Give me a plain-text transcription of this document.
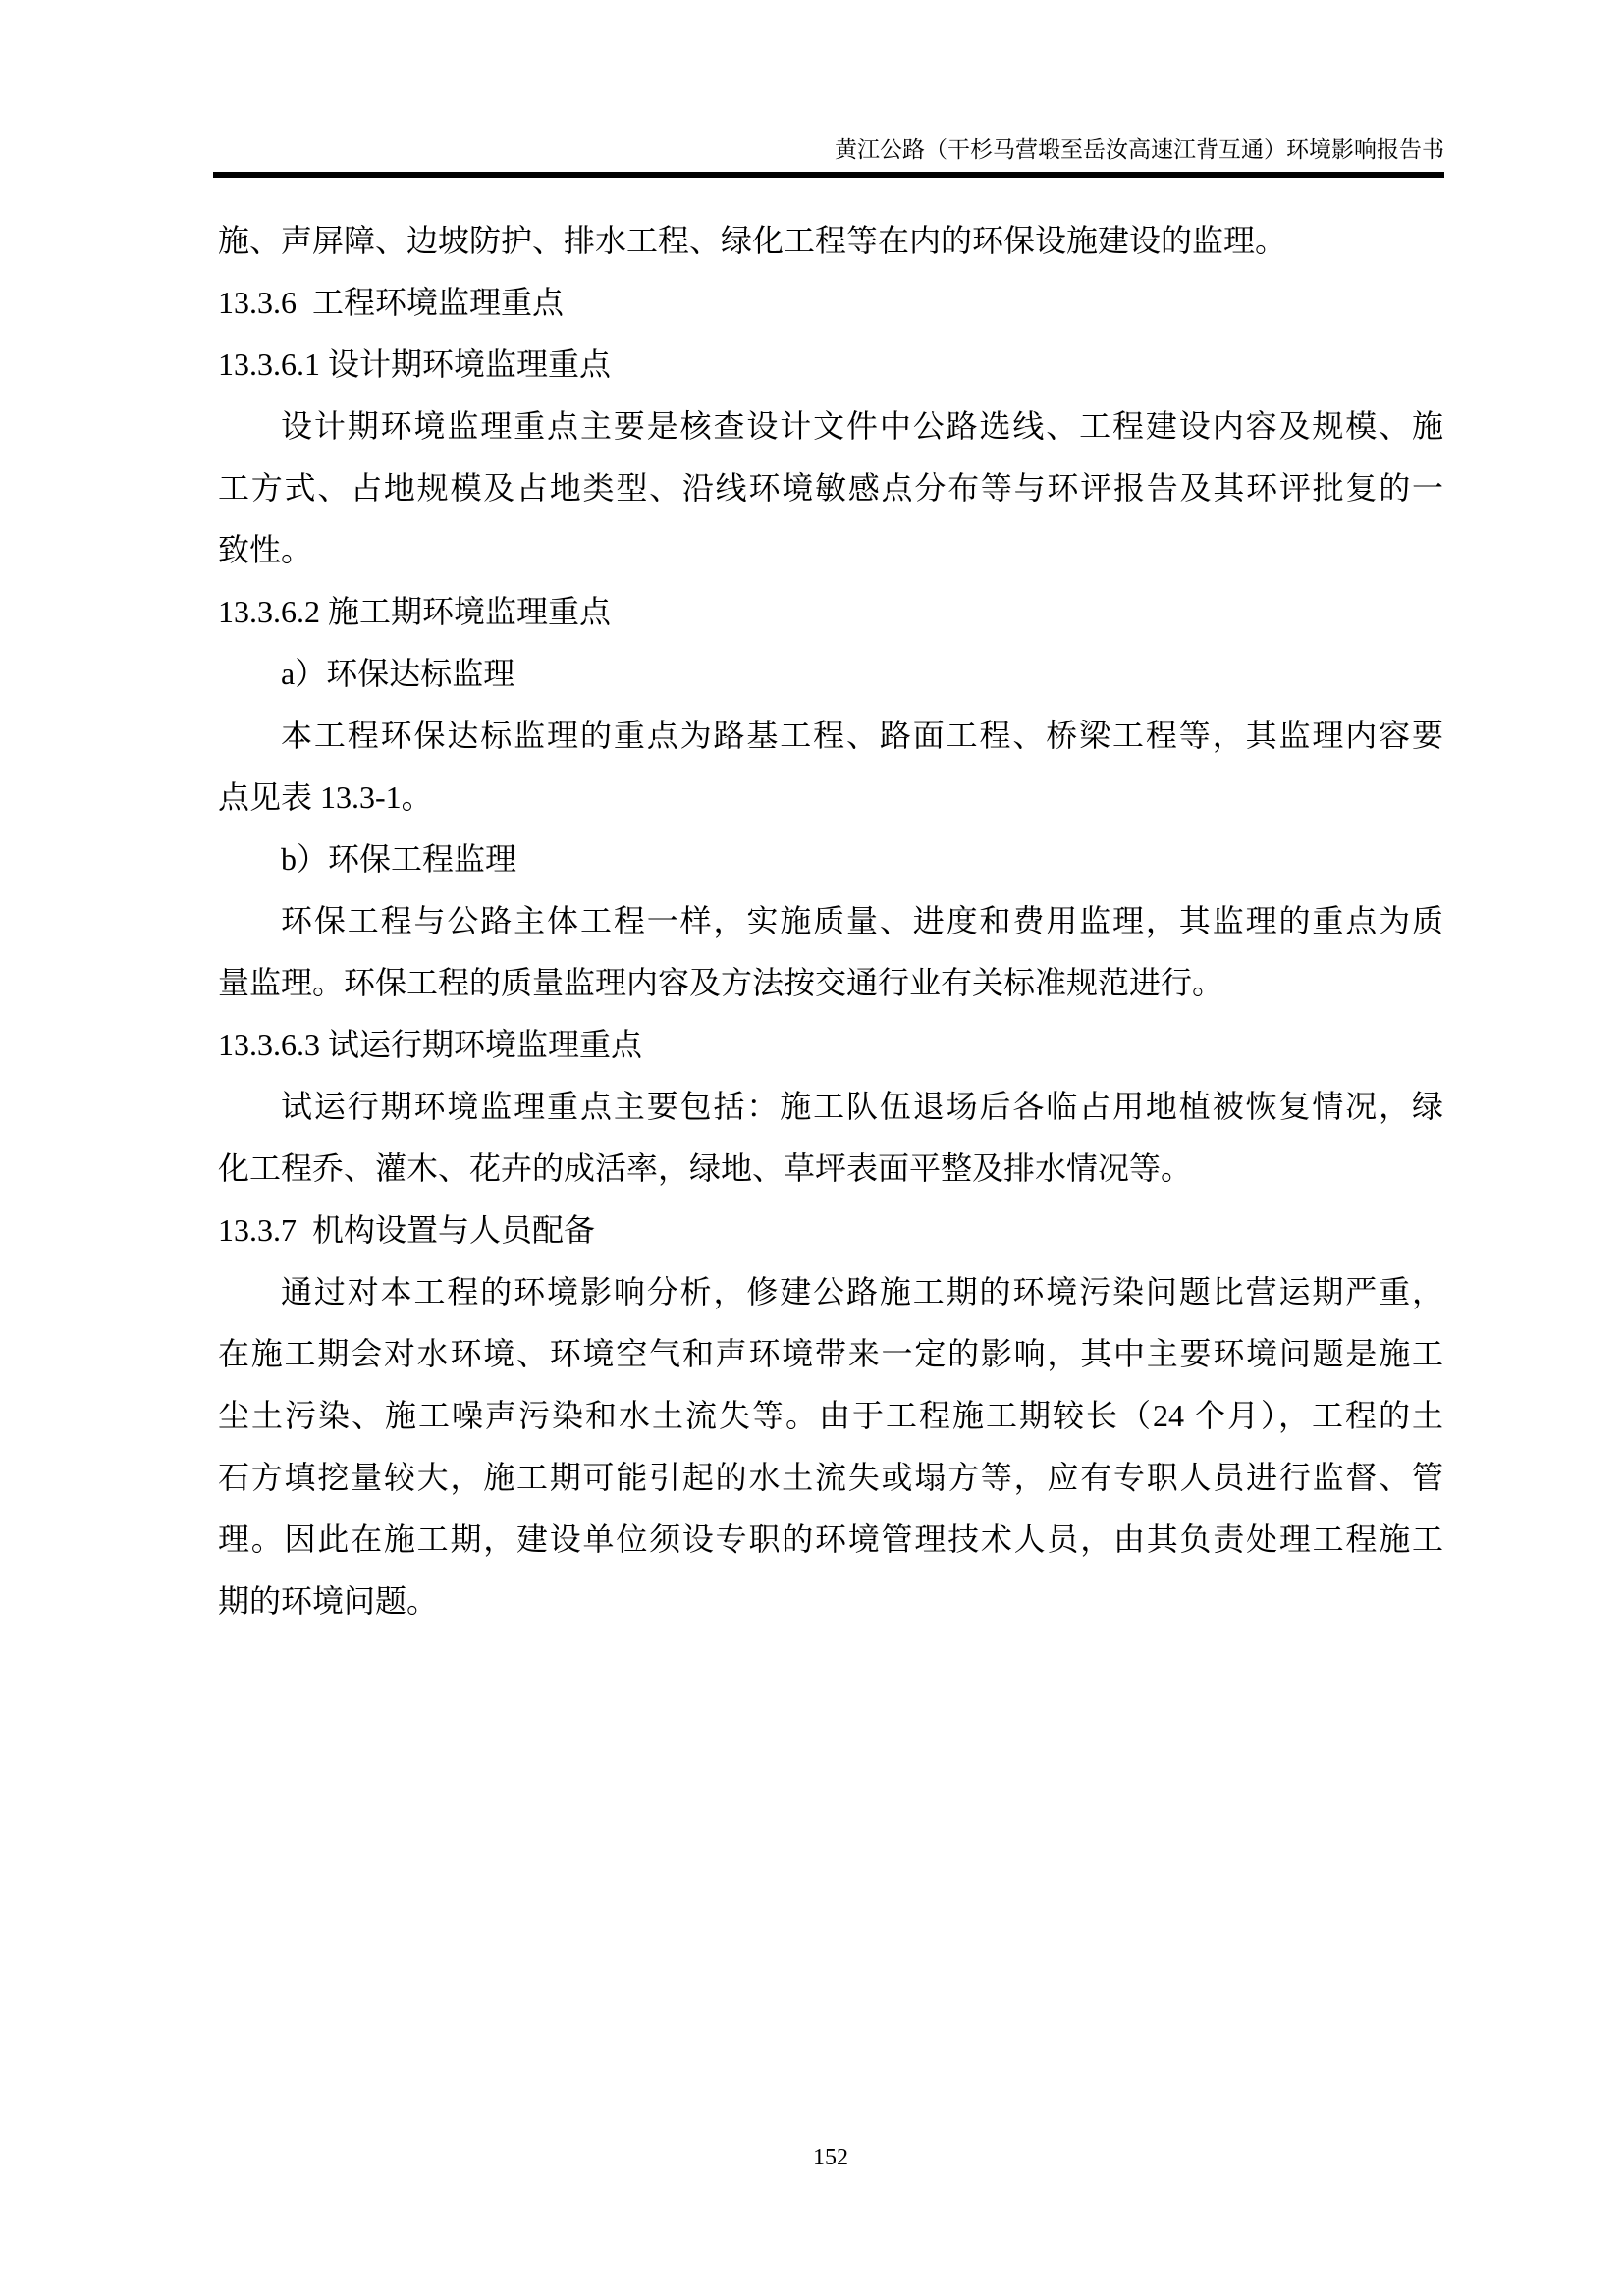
黄江公路（干杉马营塅至岳汝高速江背互通）环境影响报告书
施、声屏障、边坡防护、排水工程、绿化工程等在内的环保设施建设的监理。
13.3.6  工程环境监理重点
13.3.6.1 设计期环境监理重点
设计期环境监理重点主要是核查设计文件中公路选线、工程建设内容及规模、施
工方式、占地规模及占地类型、沿线环境敏感点分布等与环评报告及其环评批复的一
致性。
13.3.6.2 施工期环境监理重点
a）环保达标监理
本工程环保达标监理的重点为路基工程、路面工程、桥梁工程等，其监理内容要
点见表 13.3-1。
b）环保工程监理
环保工程与公路主体工程一样，实施质量、进度和费用监理，其监理的重点为质
量监理。环保工程的质量监理内容及方法按交通行业有关标准规范进行。
13.3.6.3 试运行期环境监理重点
试运行期环境监理重点主要包括：施工队伍退场后各临占用地植被恢复情况，绿
化工程乔、灌木、花卉的成活率，绿地、草坪表面平整及排水情况等。
13.3.7  机构设置与人员配备
通过对本工程的环境影响分析，修建公路施工期的环境污染问题比营运期严重，
在施工期会对水环境、环境空气和声环境带来一定的影响，其中主要环境问题是施工
尘土污染、施工噪声污染和水土流失等。由于工程施工期较长（24 个月），工程的土
石方填挖量较大，施工期可能引起的水土流失或塌方等，应有专职人员进行监督、管
理。因此在施工期，建设单位须设专职的环境管理技术人员，由其负责处理工程施工
期的环境问题。
152
